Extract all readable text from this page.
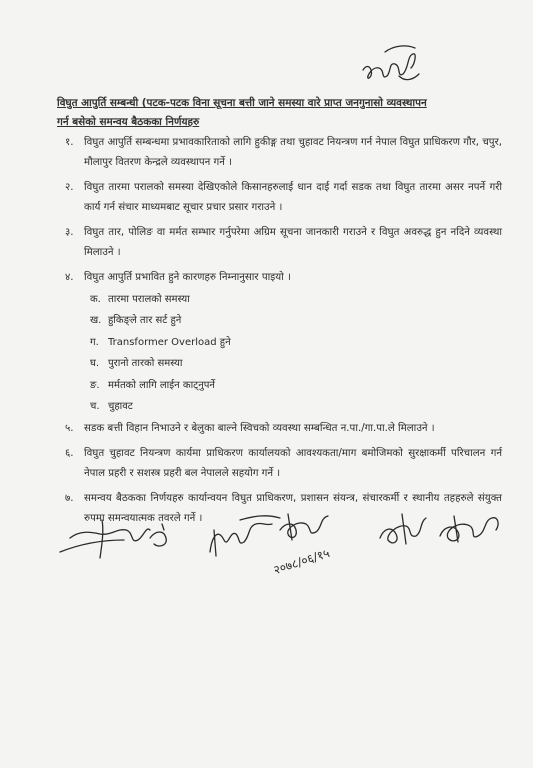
विघुत आपुर्ति सम्बन्धी (पटक-पटक विना सूचना बत्ती जाने समस्या वारे प्राप्त जनगुनासो व्यवस्थापन
गर्न बसेको समन्वय बैठकका निर्णयहरु
१. विघुत आपुर्ति सम्बन्धमा प्रभावकारिताको लागि हुकीङ्ग तथा चुहावट नियन्त्रण गर्न नेपाल विघुत प्राधिकरण गौर, चपुर, मौलापुर वितरण केन्द्रले व्यवस्थापन गर्ने ।
२. विघुत तारमा परालको समस्या देखिएकोले किसानहरुलाई धान दाई गर्दा सडक तथा विघुत तारमा असर नपर्ने गरी कार्य गर्न संचार माध्यमबाट सूचार प्रचार प्रसार गराउने ।
३. विघुत तार, पोलिङ वा मर्मत सम्भार गर्नुपरेमा अग्रिम सूचना जानकारी गराउने र विघुत अवरुद्ध हुन नदिने व्यवस्था मिलाउने ।
४. विघुत आपुर्ति प्रभावित हुने कारणहरु निम्नानुसार पाइयो ।
क. तारमा परालको समस्या
ख. हुकिङ्ले तार सर्ट हुने
ग. Transformer Overload हुने
घ. पुरानो तारको समस्या
ङ. मर्मतको लागि लाईन काट्नुपर्ने
च. चुहावट
५. सडक बत्ती विहान निभाउने र बेलुका बाल्ने स्विचको व्यवस्था सम्बन्धित न.पा./गा.पा.ले मिलाउने ।
६. विघुत चुहावट नियन्त्रण कार्यमा प्राधिकरण कार्यालयको आवश्यकता/माग बमोजिमको सुरक्षाकर्मी परिचालन गर्न नेपाल प्रहरी र सशस्त्र प्रहरी बल नेपालले सहयोग गर्ने ।
७. समन्वय बैठकका निर्णयहरु कार्यान्वयन विघुत प्राधिकरण, प्रशासन संयन्त्र, संचारकर्मी र स्थानीय तहहरुले संयुक्त रुपमा समन्वयात्मक तवरले गर्ने ।
२०७८/०६/१५
